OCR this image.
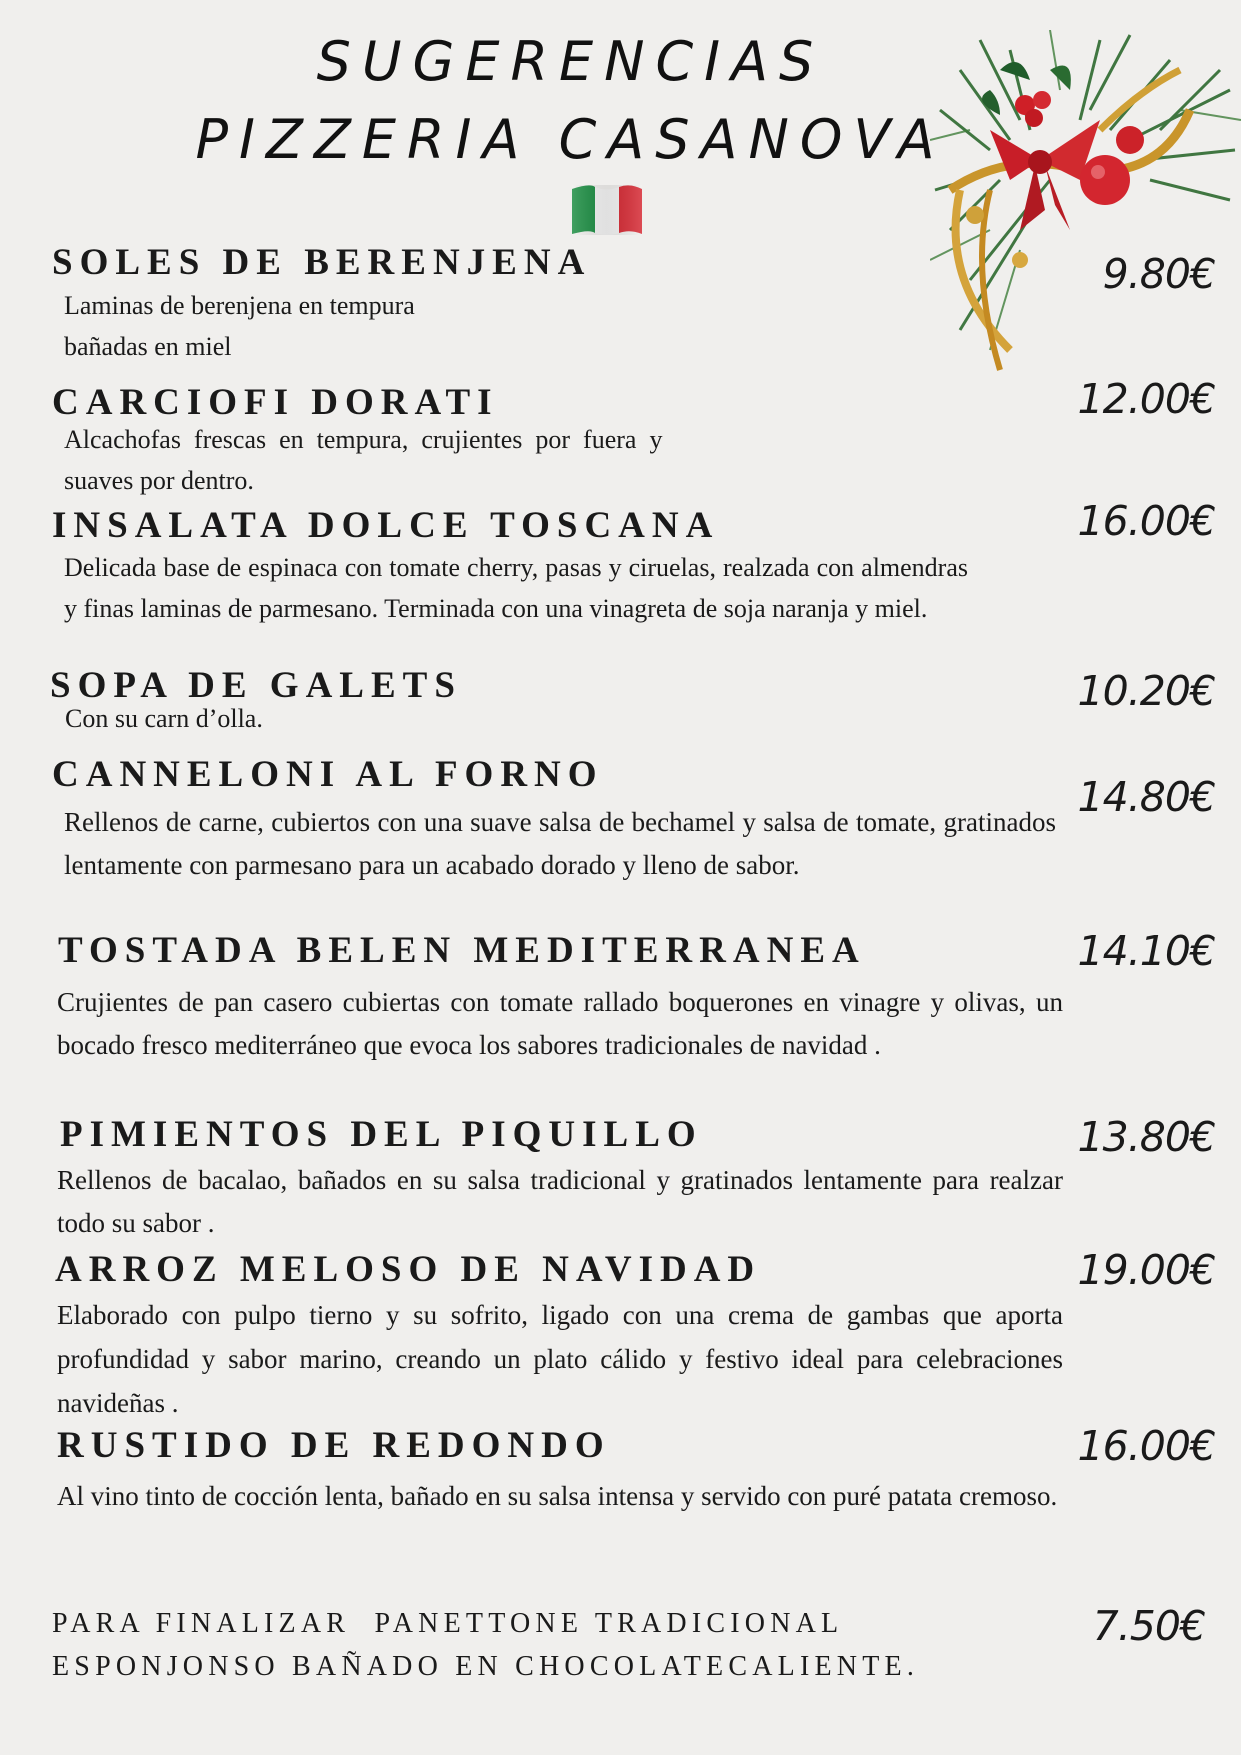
SUGERENCIAS
PIZZERIA CASANOVA
SOLES DE BERENJENA

Laminas de berenjena en tempura
bañadas en miel

9.80€

CARCIOFI DORATI

Alcachofas  frescas  en  tempura,  crujientes  por  fuera  y
suaves por dentro.

12.00€

INSALATA DOLCE TOSCANA

Delicada base de espinaca con tomate cherry, pasas y ciruelas, realzada con almendras y finas laminas de parmesano. Terminada con una vinagreta de soja naranja y miel.

16.00€

SOPA DE GALETS

Con su carn d’olla.

10.20€

CANNELONI AL FORNO

Rellenos de carne, cubiertos con una suave salsa de bechamel y salsa de tomate, gratinados lentamente con parmesano para un acabado dorado y lleno de sabor.

14.80€

TOSTADA BELEN MEDITERRANEA

Crujientes de pan casero cubiertas con tomate rallado boquerones en vinagre y olivas, un bocado fresco mediterráneo que evoca los sabores tradicionales de navidad .

14.10€

PIMIENTOS DEL PIQUILLO

Rellenos de bacalao, bañados en su salsa tradicional y gratinados lentamente para realzar todo su sabor .

13.80€

ARROZ MELOSO DE NAVIDAD

Elaborado con pulpo tierno y su sofrito, ligado con una crema de gambas que aporta profundidad y sabor marino, creando un plato cálido y festivo ideal para celebraciones navideñas .

19.00€

RUSTIDO DE REDONDO

Al vino tinto de cocción lenta, bañado en su salsa intensa y servido con puré patata cremoso.

16.00€

PARA FINALIZAR  PANETTONE TRADICIONAL
ESPONJONSO BAÑADO EN CHOCOLATECALIENTE.

7.50€
